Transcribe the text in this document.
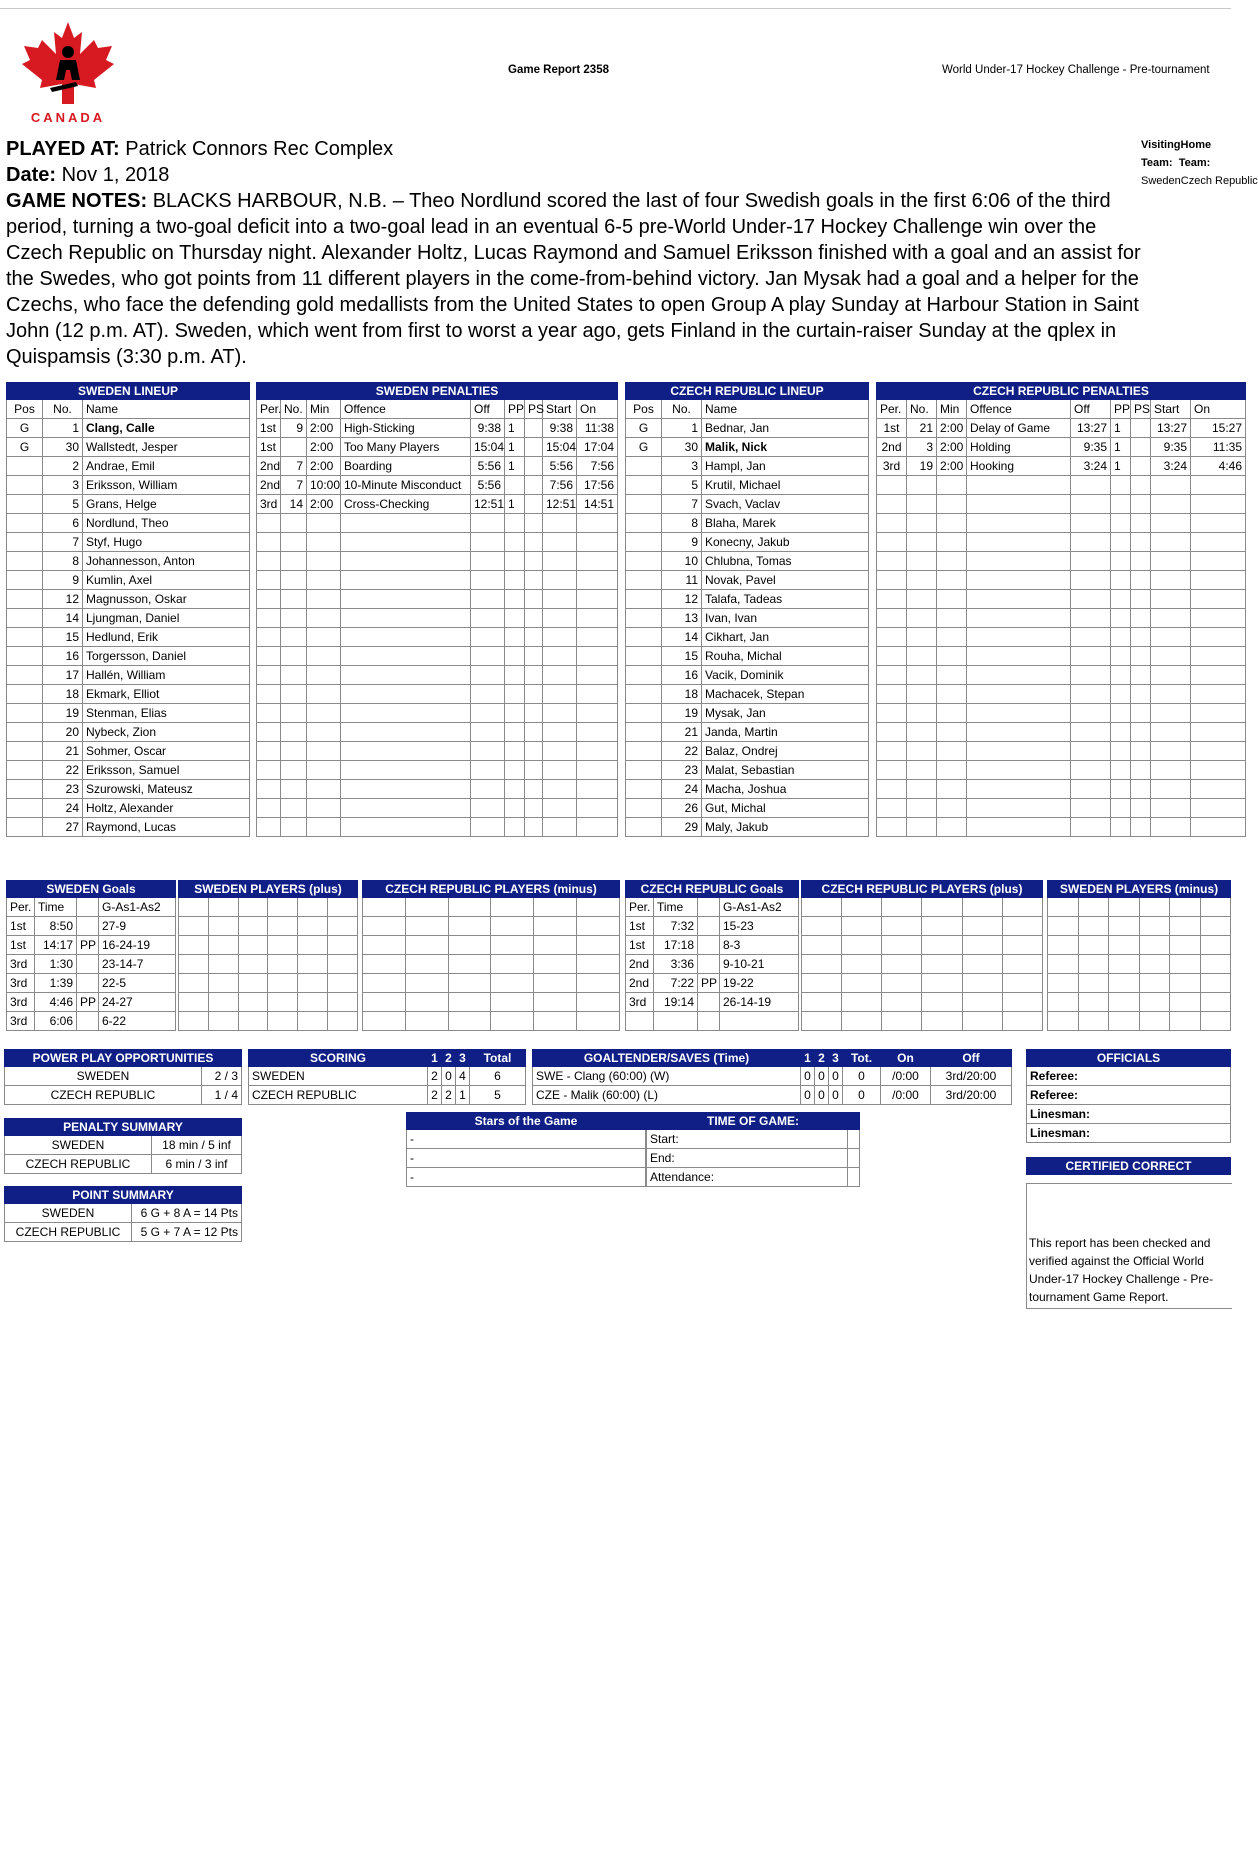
CANADA
Game Report 2358	World Under-17 Hockey Challenge - Pre-tournament
VisitingHome
Team: Team:
SwedenCzech Republic

PLAYED AT: Patrick Connors Rec Complex

Date: Nov 1, 2018

GAME NOTES: BLACKS HARBOUR, N.B. – Theo Nordlund scored the last of four Swedish goals in the first 6:06 of the third period, turning a two-goal deficit into a two-goal lead in an eventual 6-5 pre-World Under-17 Hockey Challenge win over the Czech Republic on Thursday night. Alexander Holtz, Lucas Raymond and Samuel Eriksson finished with a goal and an assist for the Swedes, who got points from 11 different players in the come-from-behind victory. Jan Mysak had a goal and a helper for the Czechs, who face the defending gold medallists from the United States to open Group A play Sunday at Harbour Station in Saint John (12 p.m. AT). Sweden, which went from first to worst a year ago, gets Finland in the curtain-raiser Sunday at the qplex in Quispamsis (3:30 p.m. AT).

SWEDEN LINEUP		
Pos	No.	Name
G	1	Clang, Calle
G	30	Wallstedt, Jesper
	2	Andrae, Emil
	3	Eriksson, William
	5	Grans, Helge
	6	Nordlund, Theo
	7	Styf, Hugo
	8	Johannesson, Anton
	9	Kumlin, Axel
	12	Magnusson, Oskar
	14	Ljungman, Daniel
	15	Hedlund, Erik
	16	Torgersson, Daniel
	17	Hallén, William
	18	Ekmark, Elliot
	19	Stenman, Elias
	20	Nybeck, Zion
	21	Sohmer, Oscar
	22	Eriksson, Samuel
	23	Szurowski, Mateusz
	24	Holtz, Alexander
	27	Raymond, Lucas
SWEDEN PENALTIES								
Per.	No.	Min	Offence	Off	PP	PS	Start	On
1st	9	2:00	High-Sticking	9:38	1		9:38	11:38
1st		2:00	Too Many Players	15:04	1		15:04	17:04
2nd	7	2:00	Boarding	5:56	1		5:56	7:56
2nd	7	10:00	10-Minute Misconduct	5:56			7:56	17:56
3rd	14	2:00	Cross-Checking	12:51	1		12:51	14:51

CZECH REPUBLIC LINEUP		
Pos	No.	Name
G	1	Bednar, Jan
G	30	Malik, Nick
	3	Hampl, Jan
	5	Krutil, Michael
	7	Svach, Vaclav
	8	Blaha, Marek
	9	Konecny, Jakub
	10	Chlubna, Tomas
	11	Novak, Pavel
	12	Talafa, Tadeas
	13	Ivan, Ivan
	14	Cikhart, Jan
	15	Rouha, Michal
	16	Vacik, Dominik
	18	Machacek, Stepan
	19	Mysak, Jan
	21	Janda, Martin
	22	Balaz, Ondrej
	23	Malat, Sebastian
	24	Macha, Joshua
	26	Gut, Michal
	29	Maly, Jakub
CZECH REPUBLIC PENALTIES								
Per.	No.	Min	Offence	Off	PP	PS	Start	On
1st	21	2:00	Delay of Game	13:27	1		13:27	15:27
2nd	3	2:00	Holding	9:35	1		9:35	11:35
3rd	19	2:00	Hooking	3:24	1		3:24	4:46

SWEDEN Goals			
Per.	Time		G-As1-As2
1st	8:50		27-9
1st	14:17	PP	16-24-19
3rd	1:30		23-14-7
3rd	1:39		22-5
3rd	4:46	PP	24-27
3rd	6:06		6-22
SWEDEN PLAYERS (plus)					

						CZECH REPUBLIC PLAYERS (minus)					

						CZECH REPUBLIC Goals			
Per.	Time		G-As1-As2
1st	7:32		15-23
1st	17:18		8-3
2nd	3:36		9-10-21
2nd	7:22	PP	19-22
3rd	19:14		26-14-19

CZECH REPUBLIC PLAYERS (plus)					

						SWEDEN PLAYERS (minus)					

POWER PLAY OPPORTUNITIES	
SWEDEN	2 / 3
CZECH REPUBLIC	1 / 4
SCORING	1	2	3	Total
SWEDEN	2	0	4	6
CZECH REPUBLIC	2	2	1	5
GOALTENDER/SAVES (Time)	1	2	3	Tot.	On	Off
SWE - Clang (60:00) (W)	0	0	0	0	/0:00	3rd/20:00
CZE - Malik (60:00) (L)	0	0	0	0	/0:00	3rd/20:00
OFFICIALS
Referee:
Referee:
Linesman:
Linesman:
PENALTY SUMMARY	
SWEDEN	18 min / 5 inf
CZECH REPUBLIC	6 min / 3 inf
POINT SUMMARY	
SWEDEN	6 G + 8 A = 14 Pts
CZECH REPUBLIC	5 G + 7 A = 12 Pts
Stars of the Game
-
-
-
TIME OF GAME:	
Start:	
End:	
Attendance:	
CERTIFIED CORRECT
This report has been checked and verified against the Official World Under-17 Hockey Challenge - Pre-tournament Game Report.
